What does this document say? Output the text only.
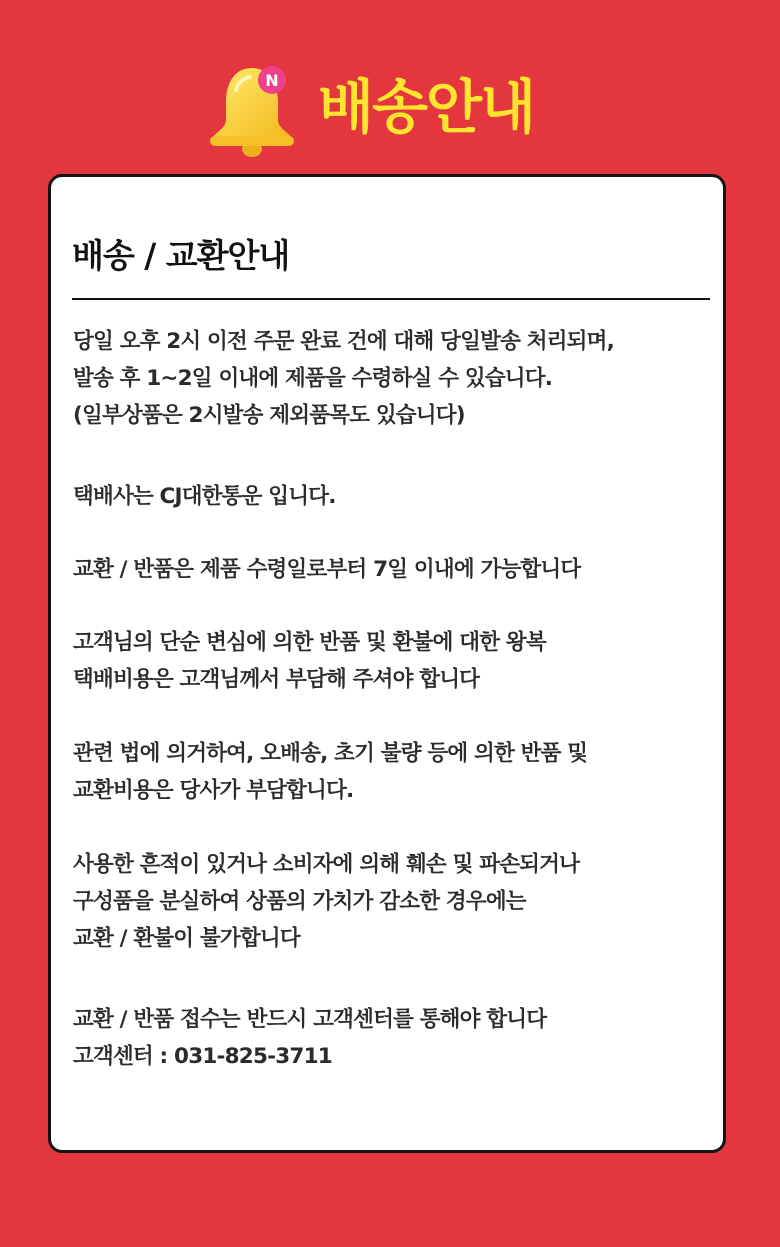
N 배송안내
배송 / 교환안내
당일 오후 2시 이전 주문 완료 건에 대해 당일발송 처리되며,
발송 후 1~2일 이내에 제품을 수령하실 수 있습니다.
(일부상품은 2시발송 제외품목도 있습니다)
택배사는 CJ대한통운 입니다.
교환 / 반품은 제품 수령일로부터 7일 이내에 가능합니다
고객님의 단순 변심에 의한 반품 및 환불에 대한 왕복
택배비용은 고객님께서 부담해 주셔야 합니다
관련 법에 의거하여, 오배송, 초기 불량 등에 의한 반품 및
교환비용은 당사가 부담합니다.
사용한 흔적이 있거나 소비자에 의해 훼손 및 파손되거나
구성품을 분실하여 상품의 가치가 감소한 경우에는
교환 / 환불이 불가합니다
교환 / 반품 접수는 반드시 고객센터를 통해야 합니다
고객센터 : 031-825-3711
